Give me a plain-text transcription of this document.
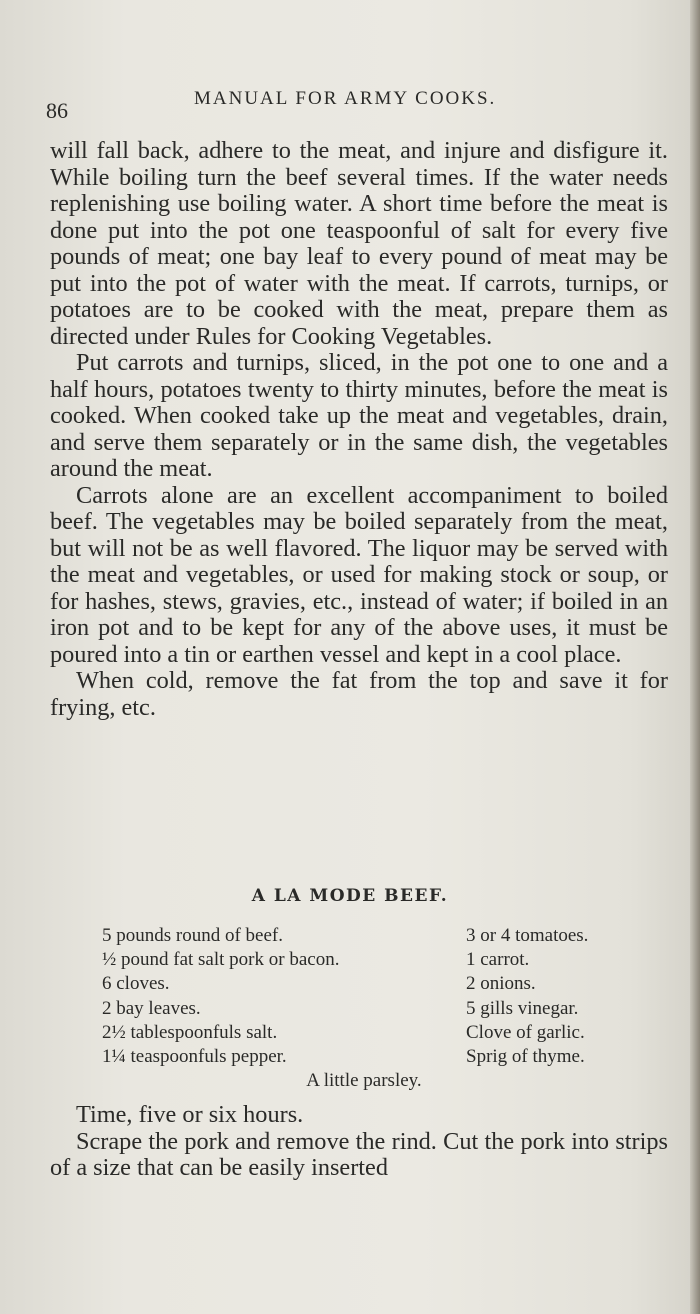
86	MANUAL FOR ARMY COOKS.

will fall back, adhere to the meat, and injure and disfigure it. While boiling turn the beef several times. If the water needs replenishing use boiling water. A short time before the meat is done put into the pot one teaspoonful of salt for every five pounds of meat; one bay leaf to every pound of meat may be put into the pot of water with the meat. If carrots, turnips, or potatoes are to be cooked with the meat, prepare them as directed under Rules for Cooking Vegetables.

Put carrots and turnips, sliced, in the pot one to one and a half hours, potatoes twenty to thirty minutes, before the meat is cooked. When cooked take up the meat and vegetables, drain, and serve them separately or in the same dish, the vegetables around the meat.

Carrots alone are an excellent accompaniment to boiled beef. The vegetables may be boiled separately from the meat, but will not be as well flavored. The liquor may be served with the meat and vegetables, or used for making stock or soup, or for hashes, stews, gravies, etc., instead of water; if boiled in an iron pot and to be kept for any of the above uses, it must be poured into a tin or earthen vessel and kept in a cool place.

When cold, remove the fat from the top and save it for frying, etc.

A LA MODE BEEF.
5 pounds round of beef.
½ pound fat salt pork or bacon.
6 cloves.
2 bay leaves.
2½ tablespoonfuls salt.
1¼ teaspoonfuls pepper.
3 or 4 tomatoes.
1 carrot.
2 onions.
5 gills vinegar.
Clove of garlic.
Sprig of thyme.
A little parsley.

Time, five or six hours.

Scrape the pork and remove the rind. Cut the pork into strips of a size that can be easily inserted
